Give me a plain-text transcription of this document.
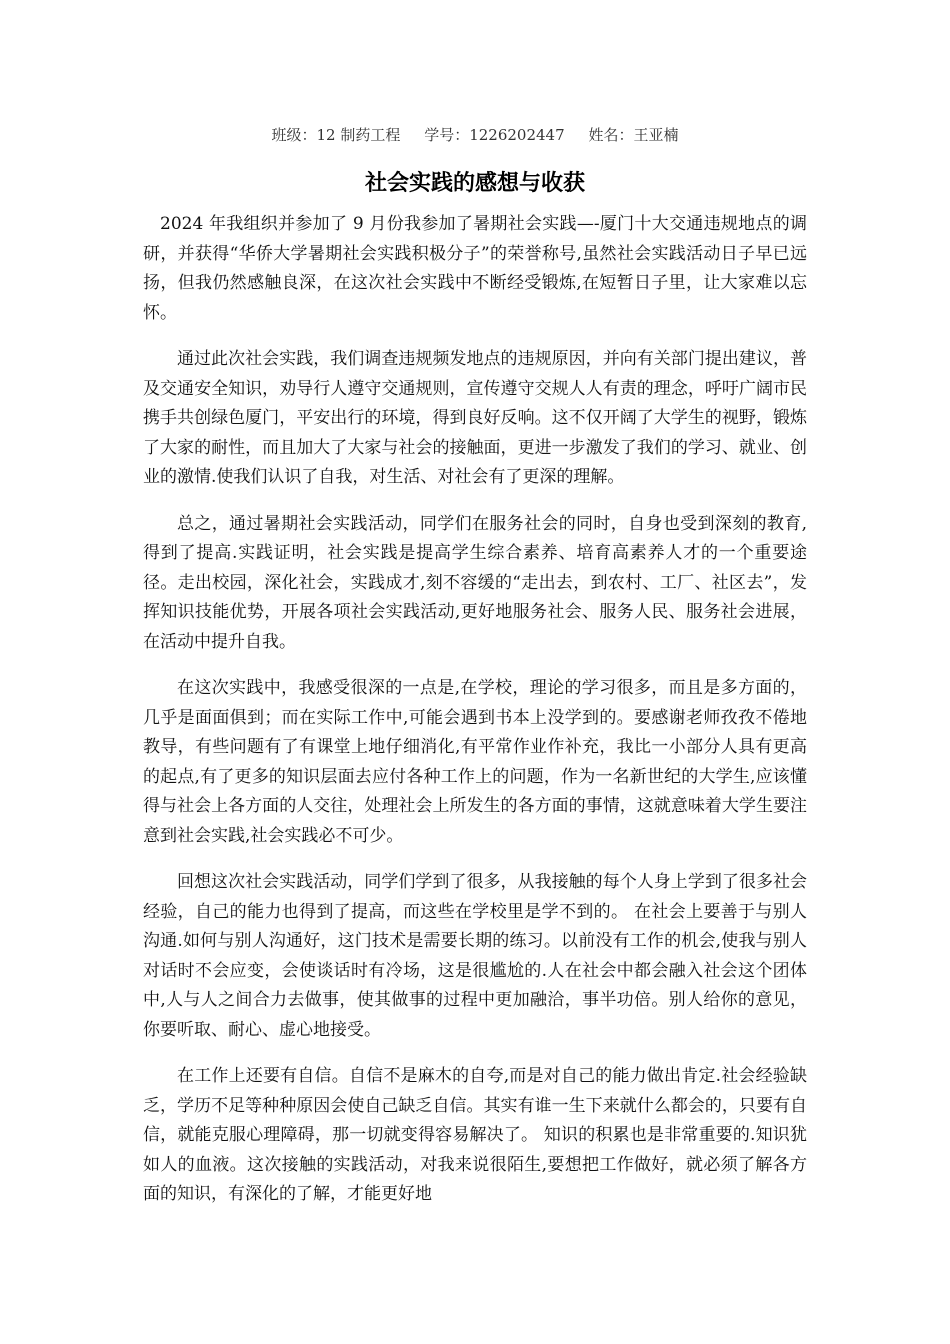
班级：12 制药工程     学号：1226202447     姓名：王亚楠
社会实践的感想与收获

2024 年我组织并参加了 9 月份我参加了暑期社会实践—-厦门十大交通违规地点的调研，并获得“华侨大学暑期社会实践积极分子”的荣誉称号,虽然社会实践活动日子早已远扬，但我仍然感触良深，在这次社会实践中不断经受锻炼,在短暂日子里，让大家难以忘怀。

通过此次社会实践，我们调查违规频发地点的违规原因，并向有关部门提出建议，普及交通安全知识，劝导行人遵守交通规则，宣传遵守交规人人有责的理念，呼吁广阔市民携手共创绿色厦门，平安出行的环境，得到良好反响。这不仅开阔了大学生的视野，锻炼了大家的耐性，而且加大了大家与社会的接触面，更进一步激发了我们的学习、就业、创业的激情.使我们认识了自我，对生活、对社会有了更深的理解。

总之，通过暑期社会实践活动，同学们在服务社会的同时，自身也受到深刻的教育,得到了提高.实践证明，社会实践是提高学生综合素养、培育高素养人才的一个重要途径。走出校园，深化社会，实践成才,刻不容缓的“走出去，到农村、工厂、社区去”，发挥知识技能优势，开展各项社会实践活动,更好地服务社会、服务人民、服务社会进展，在活动中提升自我。

在这次实践中，我感受很深的一点是,在学校，理论的学习很多，而且是多方面的，几乎是面面俱到；而在实际工作中,可能会遇到书本上没学到的。要感谢老师孜孜不倦地教导，有些问题有了有课堂上地仔细消化,有平常作业作补充，我比一小部分人具有更高的起点,有了更多的知识层面去应付各种工作上的问题，作为一名新世纪的大学生,应该懂得与社会上各方面的人交往，处理社会上所发生的各方面的事情，这就意味着大学生要注意到社会实践,社会实践必不可少。

回想这次社会实践活动，同学们学到了很多，从我接触的每个人身上学到了很多社会经验，自己的能力也得到了提高，而这些在学校里是学不到的。 在社会上要善于与别人沟通.如何与别人沟通好，这门技术是需要长期的练习。以前没有工作的机会,使我与别人对话时不会应变，会使谈话时有冷场，这是很尴尬的.人在社会中都会融入社会这个团体中,人与人之间合力去做事，使其做事的过程中更加融洽，事半功倍。别人给你的意见，你要听取、耐心、虚心地接受。

在工作上还要有自信。自信不是麻木的自夸,而是对自己的能力做出肯定.社会经验缺乏，学历不足等种种原因会使自己缺乏自信。其实有谁一生下来就什么都会的，只要有自信，就能克服心理障碍，那一切就变得容易解决了。 知识的积累也是非常重要的.知识犹如人的血液。这次接触的实践活动，对我来说很陌生,要想把工作做好，就必须了解各方面的知识，有深化的了解，才能更好地
